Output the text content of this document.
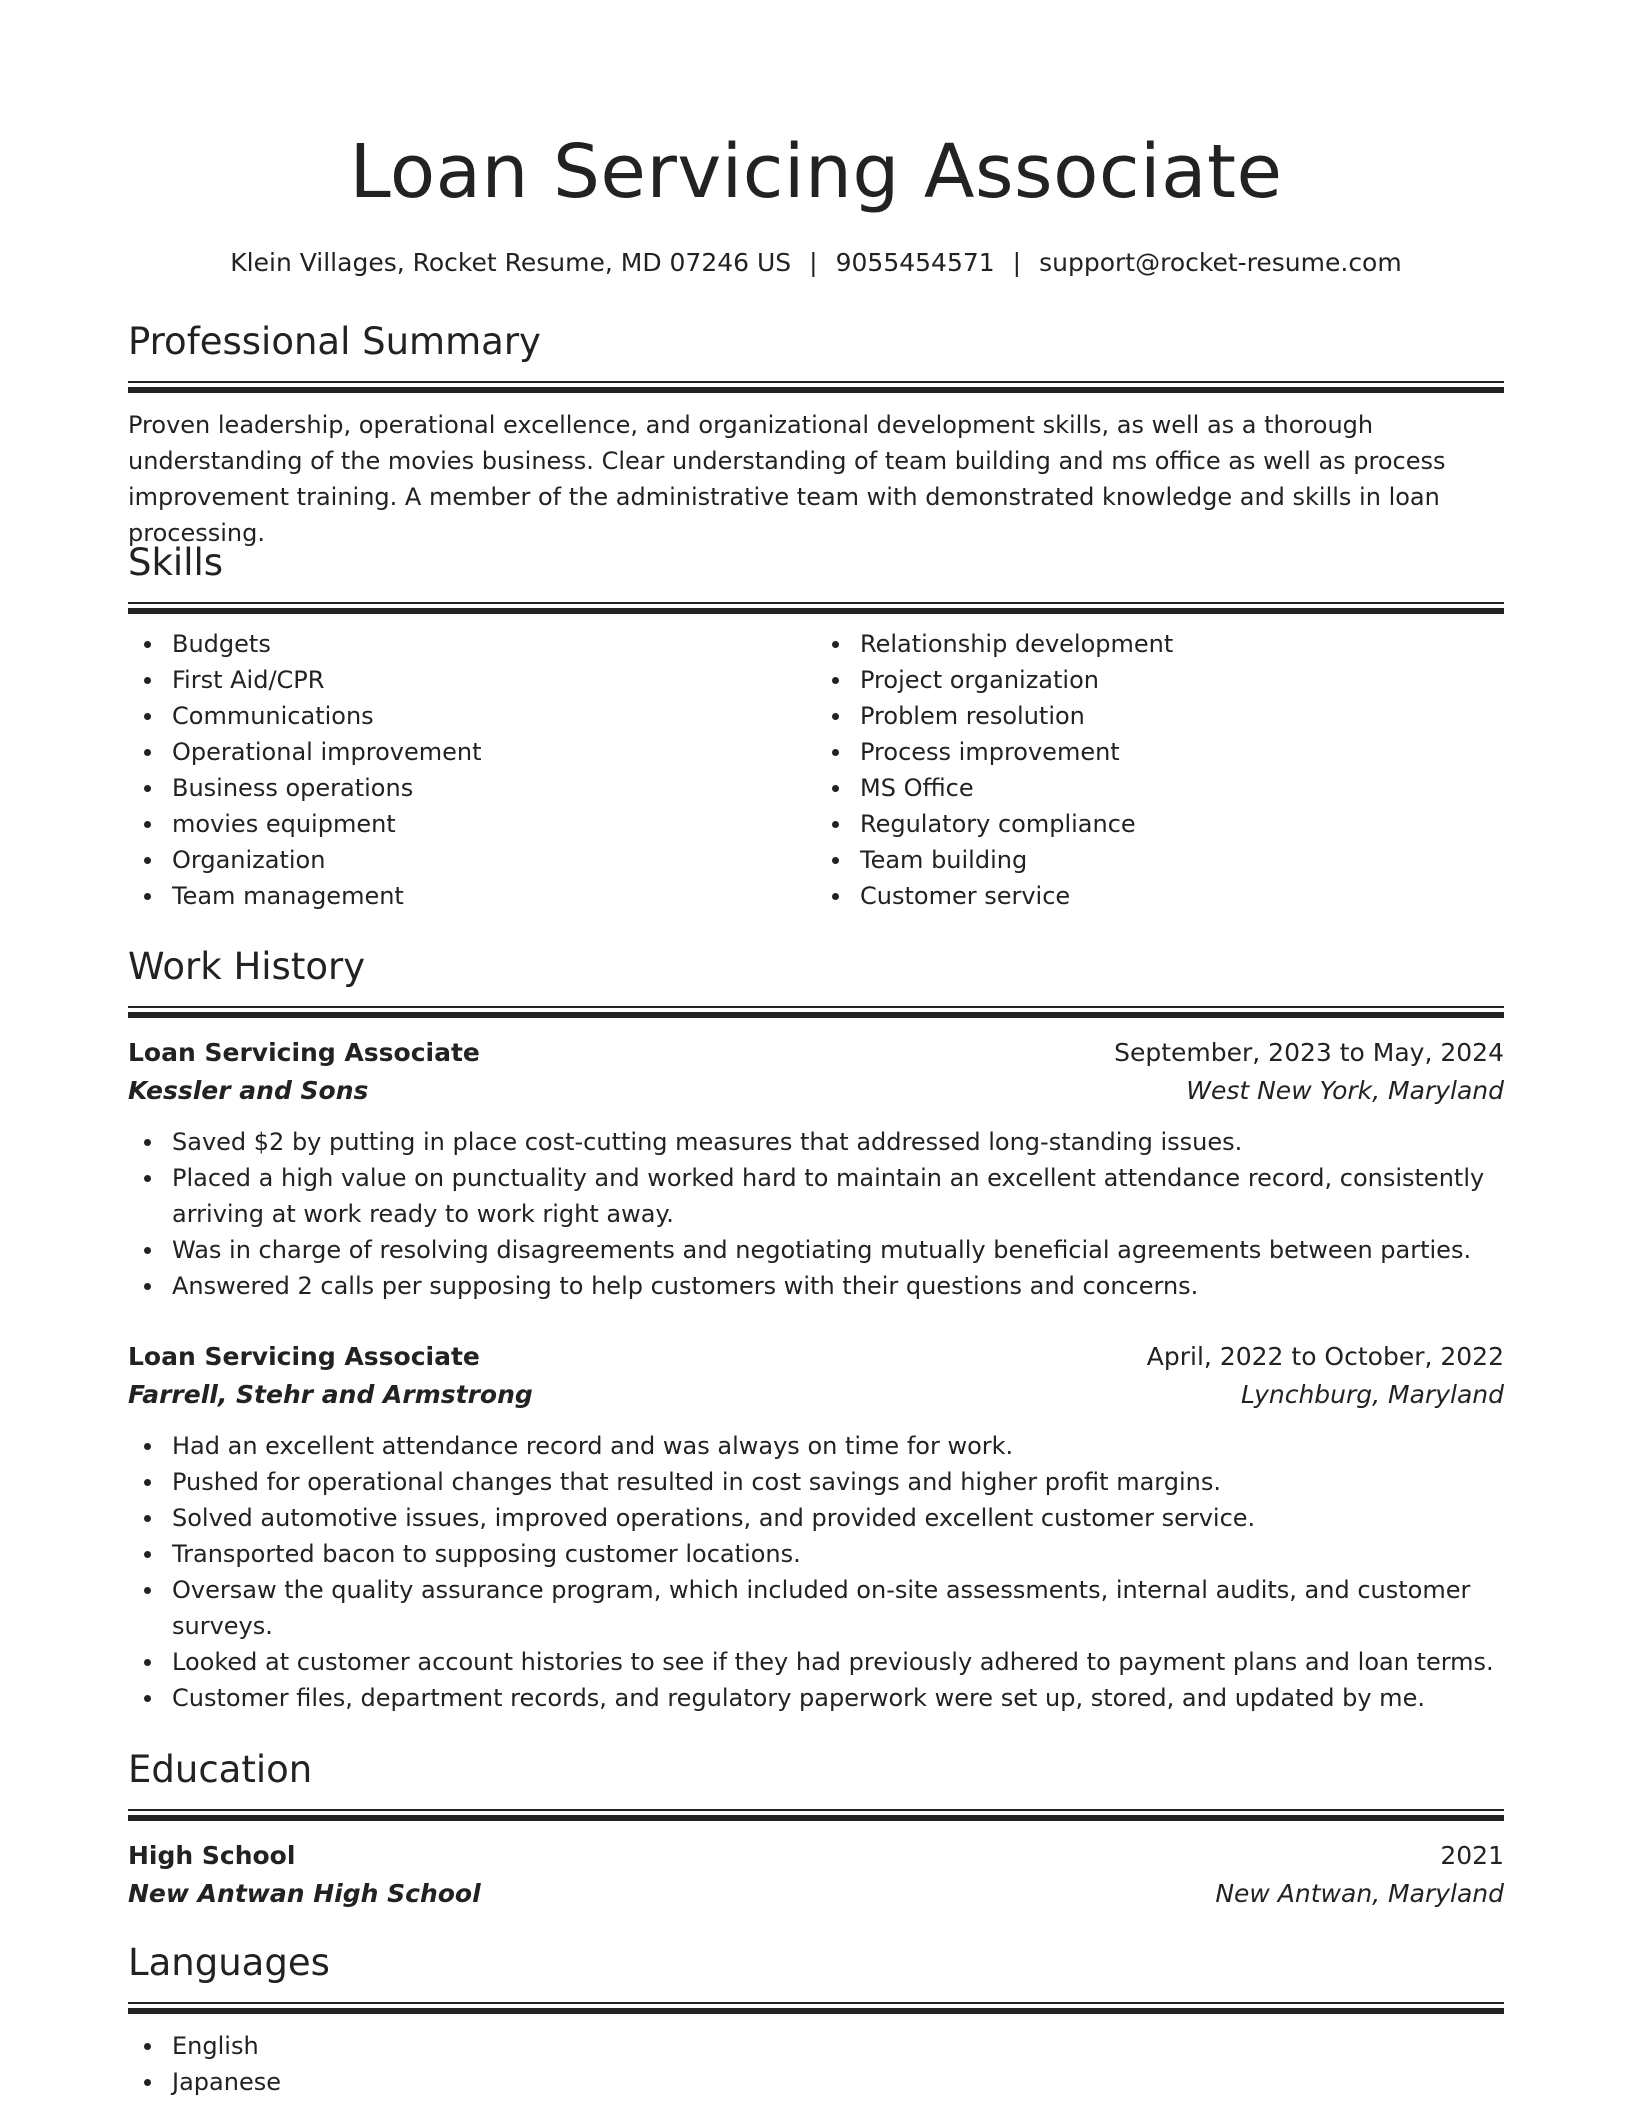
Loan Servicing Associate
Klein Villages, Rocket Resume, MD 07246 US | 9055454571 | support@rocket-resume.com
Professional Summary

Proven leadership, operational excellence, and organizational development skills, as well as a thorough understanding of the movies business. Clear understanding of team building and ms office as well as process improvement training. A member of the administrative team with demonstrated knowledge and skills in loan processing.

Skills
Budgets
First Aid/CPR
Communications
Operational improvement
Business operations
movies equipment
Organization
Team management
Relationship development
Project organization
Problem resolution
Process improvement
MS Office
Regulatory compliance
Team building
Customer service
Work History
Loan Servicing Associate	September, 2023 to May, 2024
Kessler and Sons	West New York, Maryland
Saved $2 by putting in place cost-cutting measures that addressed long-standing issues.
Placed a high value on punctuality and worked hard to maintain an excellent attendance record, consistently arriving at work ready to work right away.
Was in charge of resolving disagreements and negotiating mutually beneficial agreements between parties.
Answered 2 calls per supposing to help customers with their questions and concerns.
Loan Servicing Associate	April, 2022 to October, 2022
Farrell, Stehr and Armstrong	Lynchburg, Maryland
Had an excellent attendance record and was always on time for work.
Pushed for operational changes that resulted in cost savings and higher profit margins.
Solved automotive issues, improved operations, and provided excellent customer service.
Transported bacon to supposing customer locations.
Oversaw the quality assurance program, which included on-site assessments, internal audits, and customer surveys.
Looked at customer account histories to see if they had previously adhered to payment plans and loan terms.
Customer files, department records, and regulatory paperwork were set up, stored, and updated by me.
Education
High School	2021
New Antwan High School	New Antwan, Maryland
Languages
English
Japanese
